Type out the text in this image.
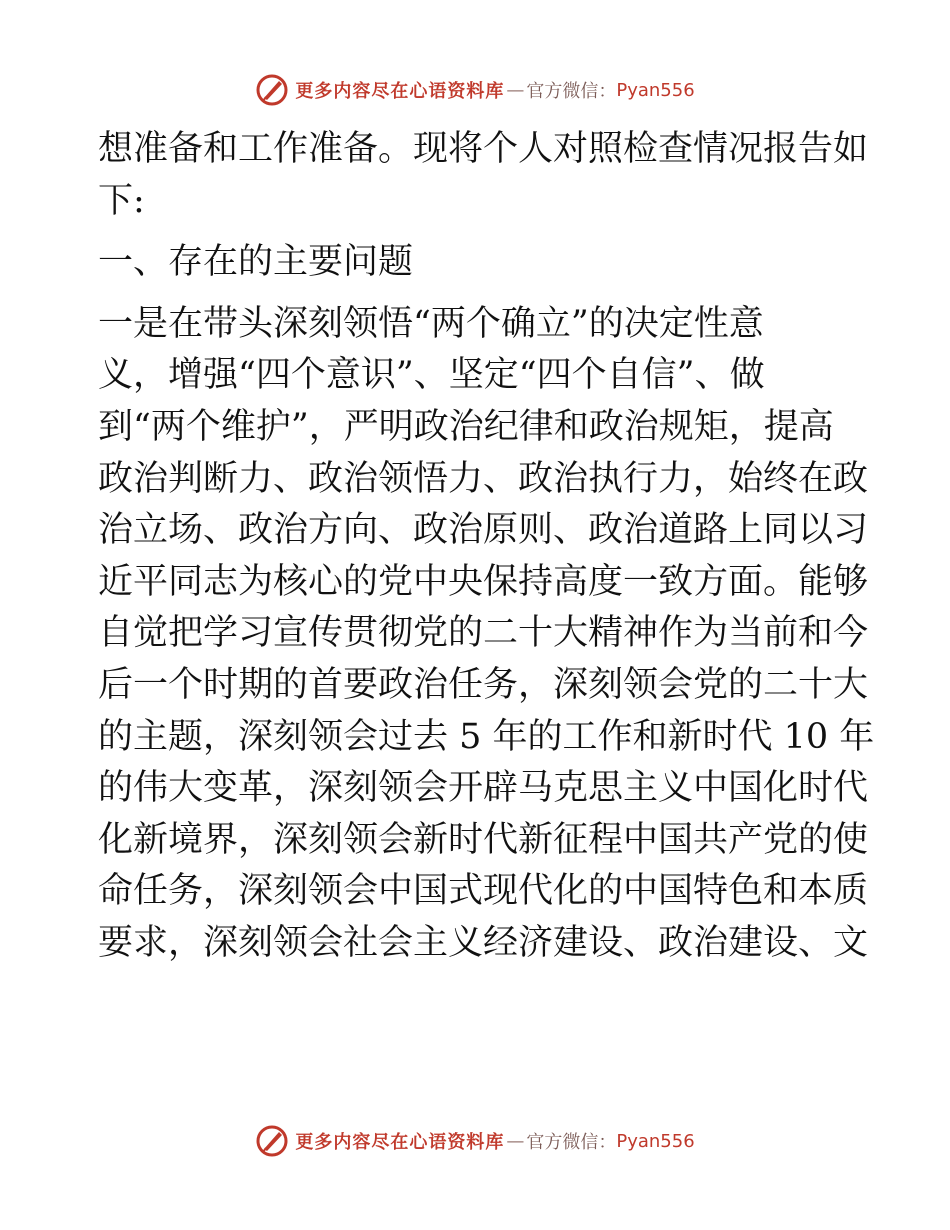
更多内容尽在心语资料库 — 官方微信： Pyan556
想准备和工作准备。现将个人对照检查情况报告如
下:
一、存在的主要问题
一是在带头深刻领悟“两个确立”的决定性意
义，增强“四个意识”、坚定“四个自信”、做
到“两个维护”，严明政治纪律和政治规矩，提高
政治判断力、政治领悟力、政治执行力，始终在政
治立场、政治方向、政治原则、政治道路上同以习
近平同志为核心的党中央保持高度一致方面。能够
自觉把学习宣传贯彻党的二十大精神作为当前和今
后一个时期的首要政治任务，深刻领会党的二十大
的主题，深刻领会过去 5 年的工作和新时代 10 年
的伟大变革，深刻领会开辟马克思主义中国化时代
化新境界，深刻领会新时代新征程中国共产党的使
命任务，深刻领会中国式现代化的中国特色和本质
要求，深刻领会社会主义经济建设、政治建设、文
更多内容尽在心语资料库 — 官方微信： Pyan556
